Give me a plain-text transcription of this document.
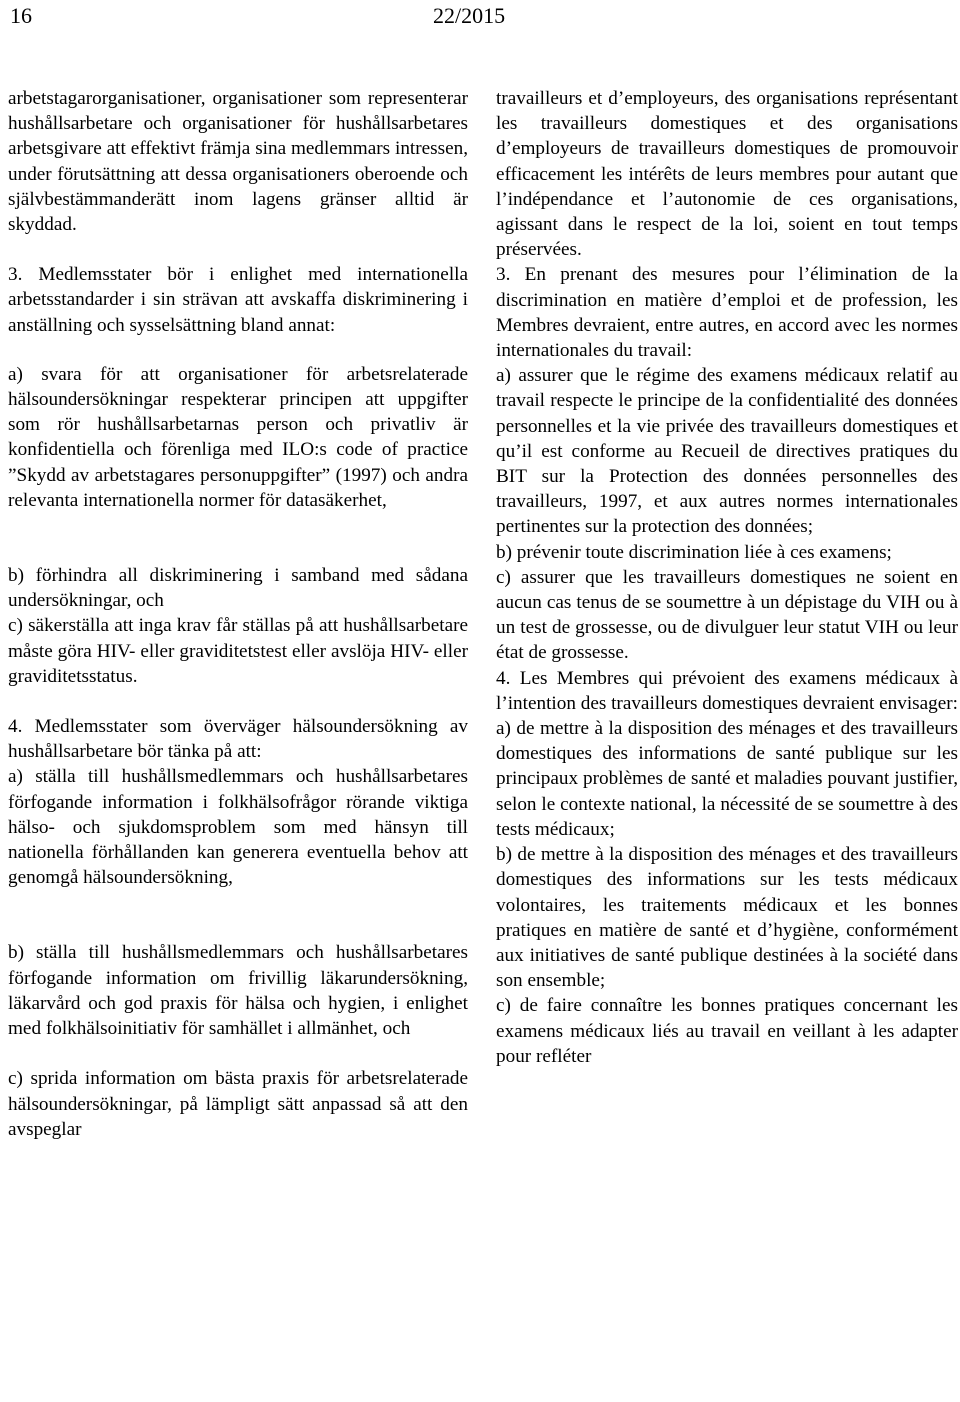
16	22/2015

arbetstagarorganisationer, organisationer som representerar hushållsarbetare och organisationer för hushållsarbetares arbetsgivare att effektivt främja sina medlemmars intressen, under förutsättning att dessa organisationers oberoende och självbestämmanderätt inom lagens gränser alltid är skyddad.

3. Medlemsstater bör i enlighet med internationella arbetsstandarder i sin strävan att avskaffa diskriminering i anställning och sysselsättning bland annat:

a) svara för att organisationer för arbetsrelaterade hälsoundersökningar respekterar principen att uppgifter som rör hushållsarbetarnas person och privatliv är konfidentiella och förenliga med ILO:s code of practice ”Skydd av arbetstagares personuppgifter” (1997) och andra relevanta internationella normer för datasäkerhet,

b) förhindra all diskriminering i samband med sådana undersökningar, och

c) säkerställa att inga krav får ställas på att hushållsarbetare måste göra HIV- eller graviditetstest eller avslöja HIV- eller graviditetsstatus.

4. Medlemsstater som överväger hälsoundersökning av hushållsarbetare bör tänka på att:

a) ställa till hushållsmedlemmars och hushållsarbetares förfogande information i folkhälsofrågor rörande viktiga hälso- och sjukdomsproblem som med hänsyn till nationella förhållanden kan generera eventuella behov att genomgå hälsoundersökning,

b) ställa till hushållsmedlemmars och hushållsarbetares förfogande information om frivillig läkarundersökning, läkarvård och god praxis för hälsa och hygien, i enlighet med folkhälsoinitiativ för samhället i allmänhet, och

c) sprida information om bästa praxis för arbetsrelaterade hälsoundersökningar, på lämpligt sätt anpassad så att den avspeglar

travailleurs et d’employeurs, des organisations représentant les travailleurs domestiques et des organisations d’employeurs de travailleurs domestiques de promouvoir efficacement les intérêts de leurs membres pour autant que l’indépendance et l’autonomie de ces organisations, agissant dans le respect de la loi, soient en tout temps préservées.

3. En prenant des mesures pour l’élimination de la discrimination en matière d’emploi et de profession, les Membres devraient, entre autres, en accord avec les normes internationales du travail:

a) assurer que le régime des examens médicaux relatif au travail respecte le principe de la confidentialité des données personnelles et la vie privée des travailleurs domestiques et qu’il est conforme au Recueil de directives pratiques du BIT sur la Protection des données personnelles des travailleurs, 1997, et aux autres normes internationales pertinentes sur la protection des données;

b) prévenir toute discrimination liée à ces examens;

c) assurer que les travailleurs domestiques ne soient en aucun cas tenus de se soumettre à un dépistage du VIH ou à un test de grossesse, ou de divulguer leur statut VIH ou leur état de grossesse.

4. Les Membres qui prévoient des examens médicaux à l’intention des travailleurs domestiques devraient envisager:

a) de mettre à la disposition des ménages et des travailleurs domestiques des informations de santé publique sur les principaux problèmes de santé et maladies pouvant justifier, selon le contexte national, la nécessité de se soumettre à des tests médicaux;

b) de mettre à la disposition des ménages et des travailleurs domestiques des informations sur les tests médicaux volontaires, les traitements médicaux et les bonnes pratiques en matière de santé et d’hygiène, conformément aux initiatives de santé publique destinées à la société dans son ensemble;

c) de faire connaître les bonnes pratiques concernant les examens médicaux liés au travail en veillant à les adapter pour refléter
